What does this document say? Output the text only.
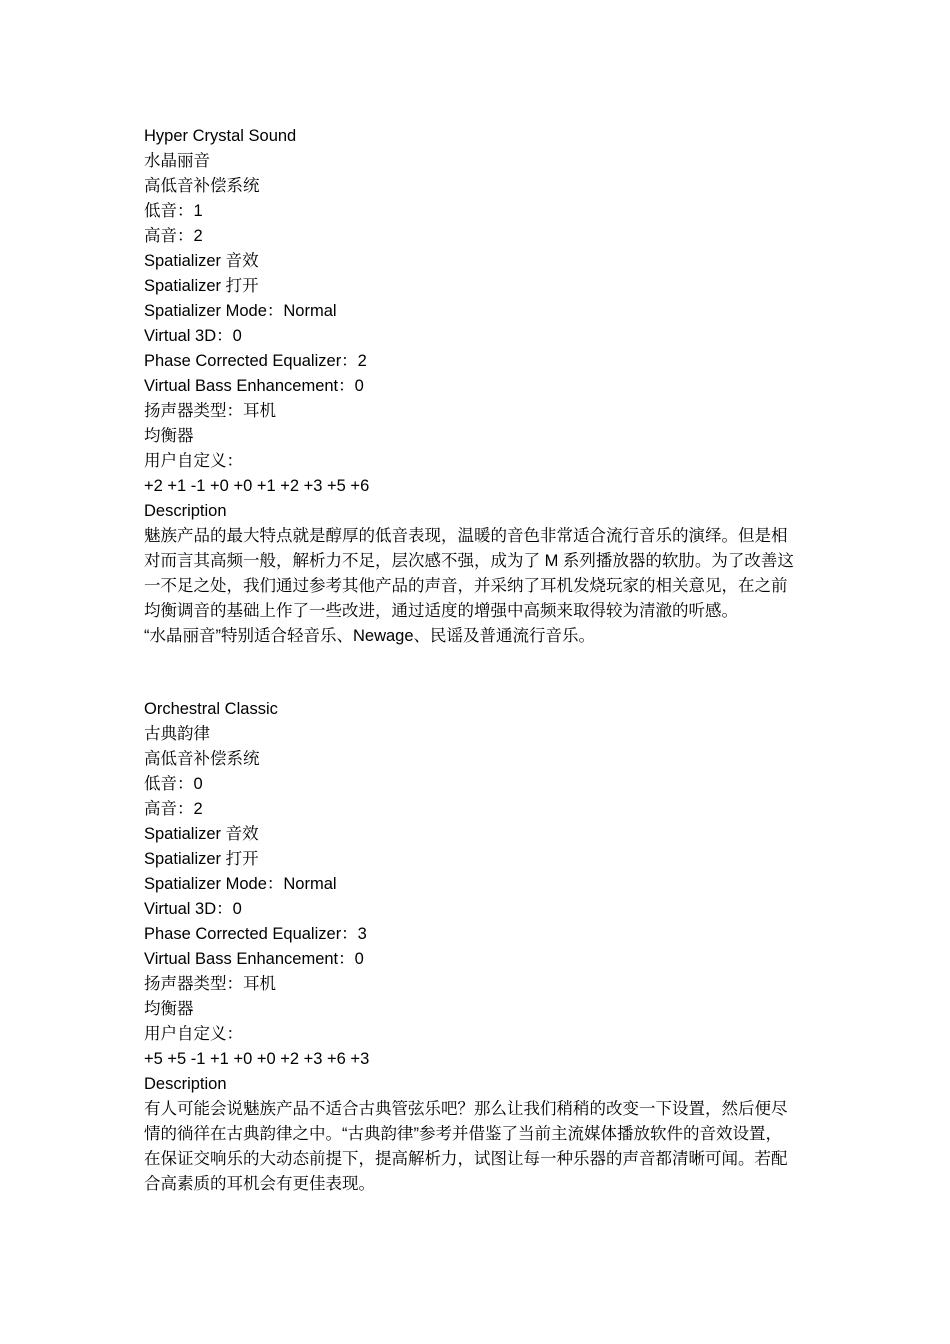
Hyper Crystal Sound
水晶丽音
高低音补偿系统
低音：1
高音：2
Spatializer 音效
Spatializer 打开
Spatializer Mode：Normal
Virtual 3D：0
Phase Corrected Equalizer：2
Virtual Bass Enhancement：0
扬声器类型：耳机
均衡器
用户自定义：
+2 +1 -1 +0 +0 +1 +2 +3 +5 +6
Description

魅族产品的最大特点就是醇厚的低音表现，温暖的音色非常适合流行音乐的演绎。但是相

对而言其高频一般，解析力不足，层次感不强，成为了 M 系列播放器的软肋。为了改善这

一不足之处，我们通过参考其他产品的声音，并采纳了耳机发烧玩家的相关意见，在之前

均衡调音的基础上作了一些改进，通过适度的增强中高频来取得较为清澈的听感。

“水晶丽音”特别适合轻音乐、Newage、民谣及普通流行音乐。

Orchestral Classic
古典韵律
高低音补偿系统
低音：0
高音：2
Spatializer 音效
Spatializer 打开
Spatializer Mode：Normal
Virtual 3D：0
Phase Corrected Equalizer：3
Virtual Bass Enhancement：0
扬声器类型：耳机
均衡器
用户自定义：
+5 +5 -1 +1 +0 +0 +2 +3 +6 +3
Description

有人可能会说魅族产品不适合古典管弦乐吧？那么让我们稍稍的改变一下设置，然后便尽

情的徜徉在古典韵律之中。“古典韵律”参考并借鉴了当前主流媒体播放软件的音效设置，

在保证交响乐的大动态前提下，提高解析力，试图让每一种乐器的声音都清晰可闻。若配

合高素质的耳机会有更佳表现。
